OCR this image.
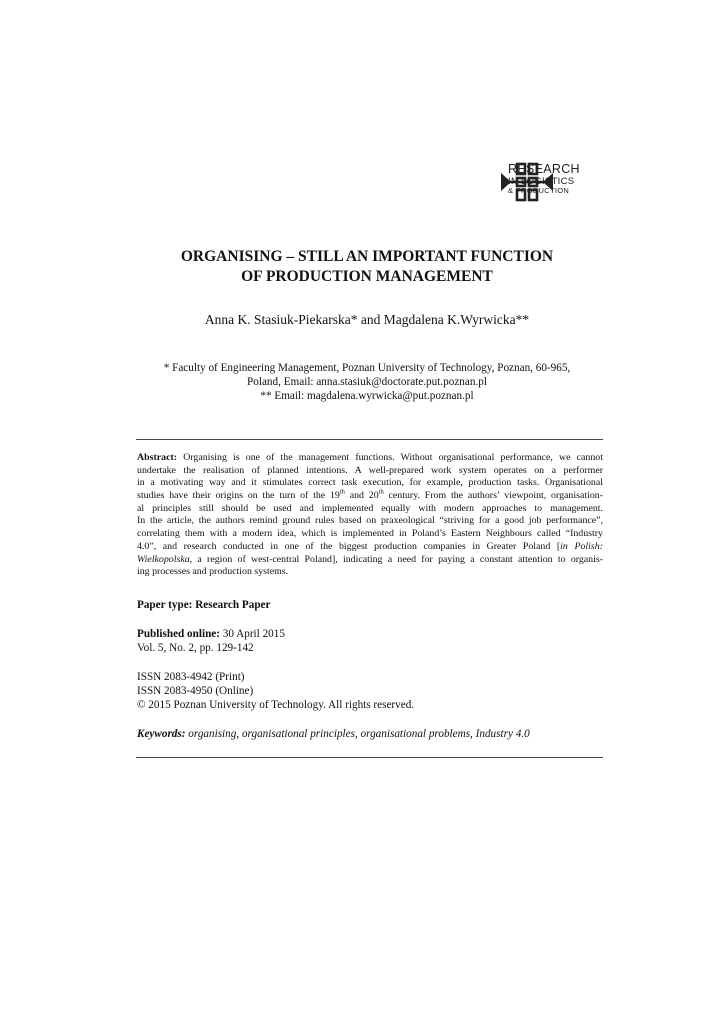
RESEARCH
IN LOGISTICS
& PRODUCTION
ORGANISING – STILL AN IMPORTANT FUNCTION
OF PRODUCTION MANAGEMENT
Anna K. Stasiuk-Piekarska* and Magdalena K.Wyrwicka**
* Faculty of Engineering Management, Poznan University of Technology, Poznan, 60-965,
Poland, Email: anna.stasiuk@doctorate.put.poznan.pl
** Email: magdalena.wyrwicka@put.poznan.pl
Abstract: Organising is one of the management functions. Without organisational performance, we cannot
undertake the realisation of planned intentions. A well-prepared work system operates on a performer
in a motivating way and it stimulates correct task execution, for example, production tasks. Organisational
studies have their origins on the turn of the 19th and 20th century. From the authors’ viewpoint, organisation-
al principles still should be used and implemented equally with modern approaches to management.
In the article, the authors remind ground rules based on praxeological “striving for a good job performance”,
correlating them with a modern idea, which is implemented in Poland’s Eastern Neighbours called “Industry
4.0”, and research conducted in one of the biggest production companies in Greater Poland [in Polish:
Wielkopolska, a region of west-central Poland], indicating a need for paying a constant attention to organis-
ing processes and production systems.
Paper type: Research Paper
Published online: 30 April 2015
Vol. 5, No. 2, pp. 129-142
ISSN 2083-4942 (Print)
ISSN 2083-4950 (Online)
© 2015 Poznan University of Technology. All rights reserved.
Keywords: organising, organisational principles, organisational problems, Industry 4.0
